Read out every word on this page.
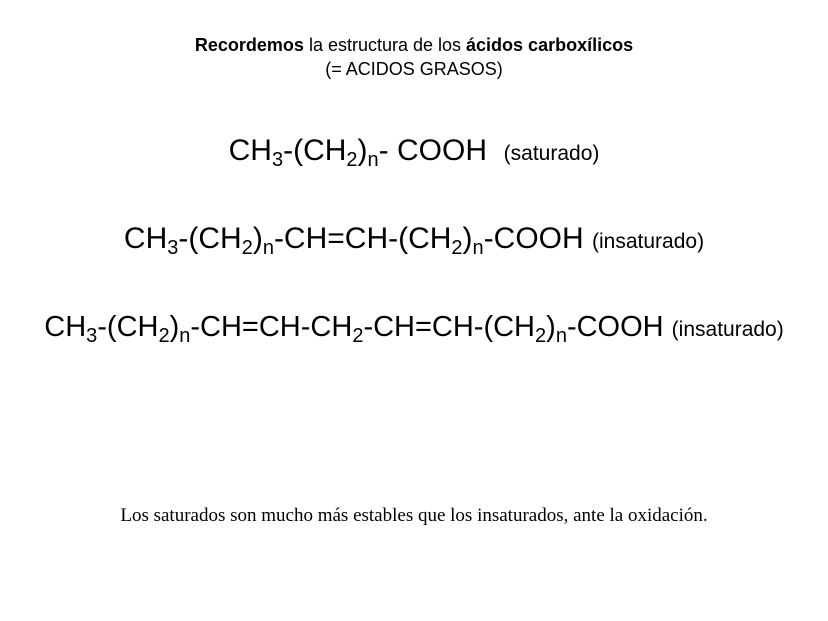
Recordemos la estructura de los ácidos carboxílicos
(= ACIDOS GRASOS)
$CH_3-(CH_2)_n-$ COOH (saturado)
$CH_3-(CH_2)_n-CH=CH-(CH_2)_n$-COOH (insaturado)
$CH_3-(CH_2)_n-CH=CH-CH_2-CH=CH-(CH_2)_n$-COOH (insaturado)
Los saturados son mucho más estables que los insaturados, ante la oxidación.
